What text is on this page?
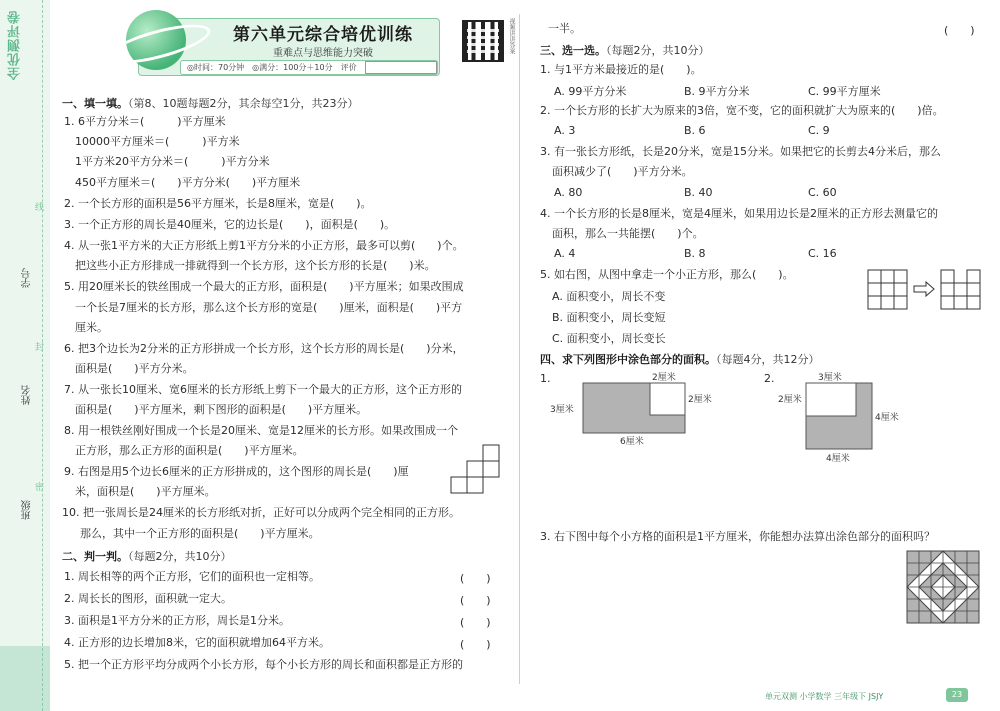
全优测评卷
学号
姓名
班级
线
封
密
第六单元综合培优训练
重难点与思维能力突破
◎时间：70分钟 ◎满分：100分＋10分 评价
视频讲讲答案
一、填一填。（第8、10题每题2分，其余每空1分，共23分）
1. 6平方分米＝(　　　)平方厘米
10000平方厘米＝(　　　)平方米
1平方米20平方分米＝(　　　)平方分米
450平方厘米＝(　　)平方分米(　　)平方厘米
2. 一个长方形的面积是56平方厘米，长是8厘米，宽是(　　)。
3. 一个正方形的周长是40厘米，它的边长是(　　)，面积是(　　)。
4. 从一张1平方米的大正方形纸上剪1平方分米的小正方形，最多可以剪(　　)个。
把这些小正方形排成一排就得到一个长方形，这个长方形的长是(　　)米。
5. 用20厘米长的铁丝围成一个最大的正方形，面积是(　　)平方厘米；如果改围成
一个长是7厘米的长方形，那么这个长方形的宽是(　　)厘米，面积是(　　)平方
厘米。
6. 把3个边长为2分米的正方形拼成一个长方形，这个长方形的周长是(　　)分米，
面积是(　　)平方分米。
7. 从一张长10厘米、宽6厘米的长方形纸上剪下一个最大的正方形，这个正方形的
面积是(　　)平方厘米，剩下图形的面积是(　　)平方厘米。
8. 用一根铁丝刚好围成一个长是20厘米、宽是12厘米的长方形。如果改围成一个
正方形，那么正方形的面积是(　　)平方厘米。
9. 右图是用5个边长6厘米的正方形拼成的，这个图形的周长是(　　)厘
米，面积是(　　)平方厘米。
10. 把一张周长是24厘米的长方形纸对折，正好可以分成两个完全相同的正方形。
那么，其中一个正方形的面积是(　　)平方厘米。
二、判一判。（每题2分，共10分）
1. 周长相等的两个正方形，它们的面积也一定相等。	(　　)
2. 周长长的图形，面积就一定大。	(　　)
3. 面积是1平方分米的正方形，周长是1分米。	(　　)
4. 正方形的边长增加8米，它的面积就增加64平方米。	(　　)
5. 把一个正方形平均分成两个小长方形，每个小长方形的周长和面积都是正方形的
一半。	(　　)
三、选一选。（每题2分，共10分）
1. 与1平方米最接近的是(　　)。
A. 99平方分米	B. 9平方分米	C. 99平方厘米
2. 一个长方形的长扩大为原来的3倍，宽不变，它的面积就扩大为原来的(　　)倍。
A. 3	B. 6	C. 9
3. 有一张长方形纸，长是20分米，宽是15分米。如果把它的长剪去4分米后，那么
面积减少了(　　)平方分米。
A. 80	B. 40	C. 60
4. 一个长方形的长是8厘米，宽是4厘米，如果用边长是2厘米的正方形去测量它的
面积，那么一共能摆(　　)个。
A. 4	B. 8	C. 16
5. 如右图，从图中拿走一个小正方形，那么(　　)。
A. 面积变小，周长不变
B. 面积变小，周长变短
C. 面积变小，周长变长
四、求下列图形中涂色部分的面积。（每题4分，共12分）
1.	2厘米
2厘米
3厘米
6厘米
2.	3厘米
2厘米
4厘米
4厘米
3. 右下图中每个小方格的面积是1平方厘米，你能想办法算出涂色部分的面积吗？
单元双测 小学数学 三年级下 JSJY	23
